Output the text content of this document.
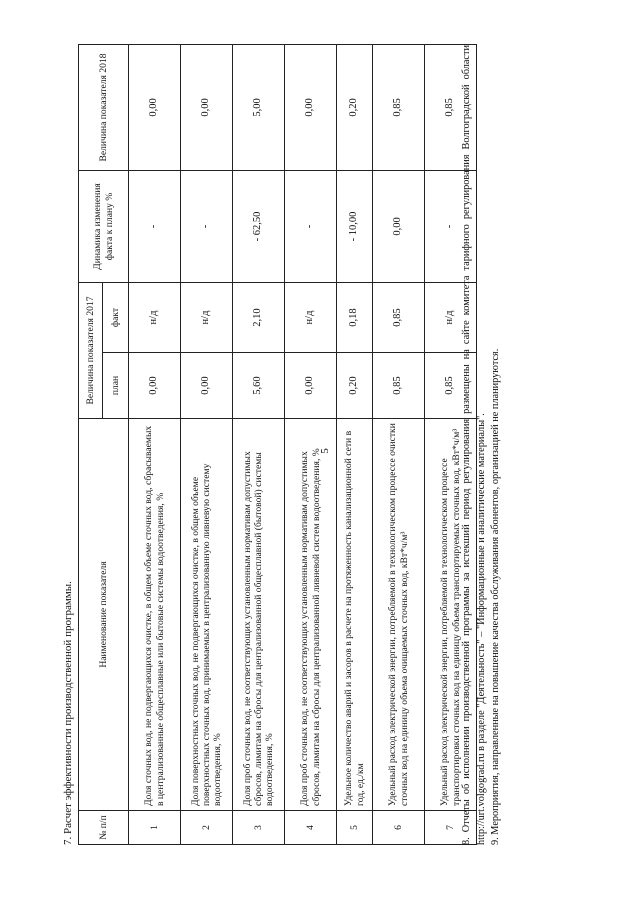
5
7. Расчет эффективности производственной программы. № п/п	Наименование показателя	Величина показателя 2017		Динамика изменения факта к плану %	Величина показателя 2018
		план	факт		
1	Доля сточных вод, не подвергающихся очистке, в общем объеме сточных вод, сбрасываемых в централизованные общесплавные или бытовые системы водоотведения, %	0,00	н/д	-	0,00
2	Доля поверхностных сточных вод, не подвергающихся очистке, в общем объеме поверхностных сточных вод, принимаемых в централизованную ливневую систему водоотведения, %	0,00	н/д	-	0,00
3	Доля проб сточных вод, не соответствующих установленным нормативам допустимых сбросов, лимитам на сбросы для централизованной общесплавной (бытовой) системы водоотведения, %	5,60	2,10	- 62,50	5,00
4	Доля проб сточных вод, не соответствующих установленным нормативам допустимых сбросов, лимитам на сбросы для централизованной ливневой систем водоотведения, %	0,00	н/д	-	0,00
5	Удельное количество аварий и засоров в расчете на протяженность канализационной сети в год, ед./км	0,20	0,18	- 10,00	0,20
6	Удельный расход электрической энергии, потребляемой в технологическом процессе очистки сточных вод на единицу объема очищаемых сточных вод, кВт*ч/м³	0,85	0,85	0,00	0,85
7	Удельный расход электрической энергии, потребляемой в технологическом процессе транспортировки сточных вод на единицу объема транспортируемых сточных вод, кВт*ч/м³	0,85	н/д	-	0,85 8. Отчеты об исполнении производственной программы за истекший период регулирования размещены на сайте комитета тарифного регулирования Волгоградской области http://urt.volgograd.ru в разделе "Деятельность" – "Информационные и аналитические материалы". 9. Мероприятия, направленные на повышение качества обслуживания абонентов, организацией не планируются.
